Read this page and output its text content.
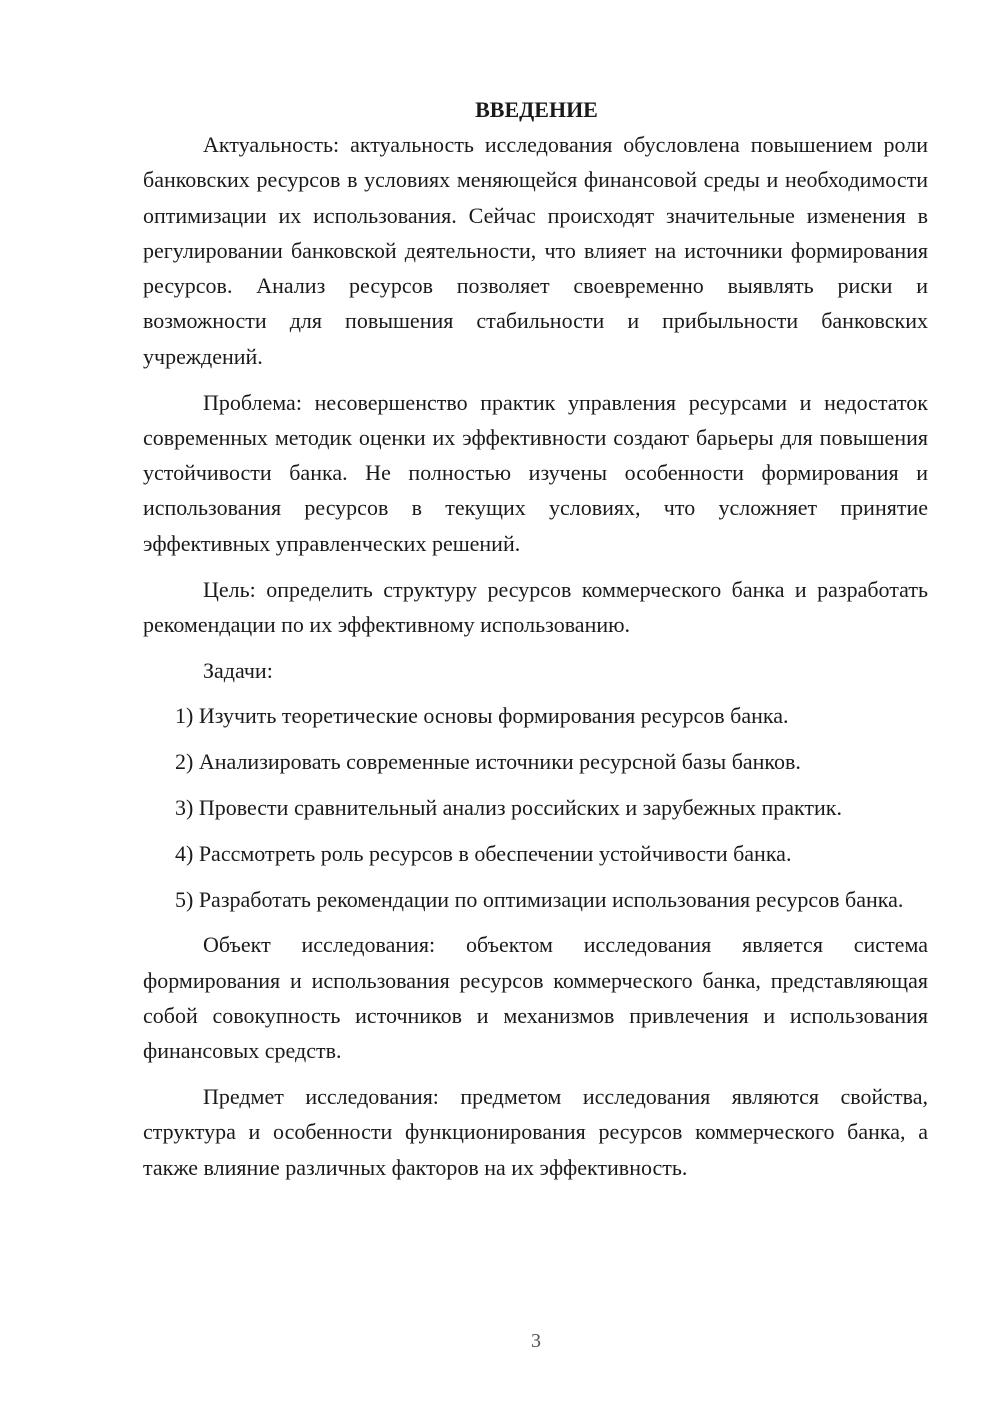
ВВЕДЕНИЕ

Актуальность: актуальность исследования обусловлена повышением роли банковских ресурсов в условиях меняющейся финансовой среды и необходимости оптимизации их использования. Сейчас происходят значительные изменения в регулировании банковской деятельности, что влияет на источники формирования ресурсов. Анализ ресурсов позволяет своевременно выявлять риски и возможности для повышения стабильности и прибыльности банковских учреждений.

Проблема: несовершенство практик управления ресурсами и недостаток современных методик оценки их эффективности создают барьеры для повышения устойчивости банка. Не полностью изучены особенности формирования и использования ресурсов в текущих условиях, что усложняет принятие эффективных управленческих решений.

Цель: определить структуру ресурсов коммерческого банка и разработать рекомендации по их эффективному использованию.

Задачи:

1) Изучить теоретические основы формирования ресурсов банка.

2) Анализировать современные источники ресурсной базы банков.

3) Провести сравнительный анализ российских и зарубежных практик.

4) Рассмотреть роль ресурсов в обеспечении устойчивости банка.

5) Разработать рекомендации по оптимизации использования ресурсов банка.

Объект исследования: объектом исследования является система формирования и использования ресурсов коммерческого банка, представляющая собой совокупность источников и механизмов привлечения и использования финансовых средств.

Предмет исследования: предметом исследования являются свойства, структура и особенности функционирования ресурсов коммерческого банка, а также влияние различных факторов на их эффективность.

3
